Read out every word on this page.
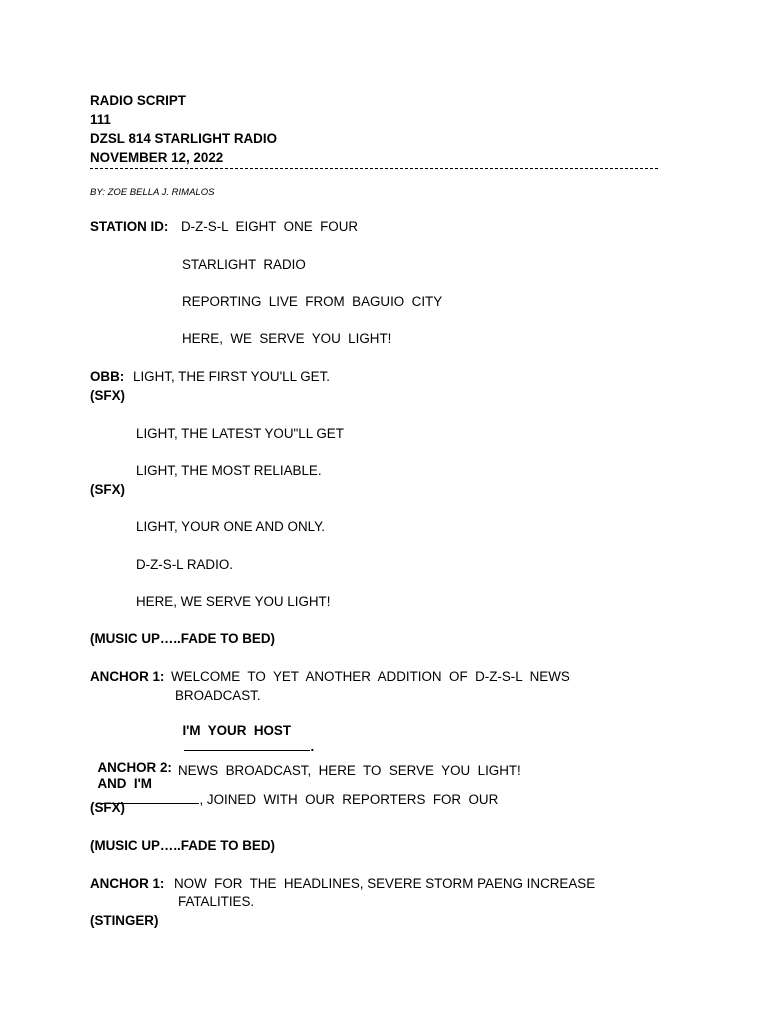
RADIO SCRIPT
111
DZSL 814 STARLIGHT RADIO
NOVEMBER 12, 2022
BY: ZOE BELLA J. RIMALOS
STATION ID: D-Z-S-L  EIGHT  ONE  FOUR
STARLIGHT  RADIO
REPORTING  LIVE  FROM  BAGUIO  CITY
HERE,  WE  SERVE  YOU  LIGHT!
OBB: LIGHT, THE FIRST YOU'LL GET.
(SFX)
LIGHT, THE LATEST YOU"LL GET
LIGHT, THE MOST RELIABLE.
(SFX)
LIGHT, YOUR ONE AND ONLY.
D-Z-S-L RADIO.
HERE, WE SERVE YOU LIGHT!
(MUSIC UP…..FADE TO BED)
ANCHOR 1: WELCOME  TO  YET  ANOTHER  ADDITION  OF  D-Z-S-L  NEWS
BROADCAST.

I'M  YOUR  HOST
.

ANCHOR 2:
AND  I'M
, JOINED  WITH  OUR  REPORTERS  FOR  OUR

NEWS  BROADCAST,  HERE  TO  SERVE  YOU  LIGHT!
(SFX)
(MUSIC UP…..FADE TO BED)
ANCHOR 1: NOW  FOR  THE  HEADLINES, SEVERE STORM PAENG INCREASE
FATALITIES.
(STINGER)
